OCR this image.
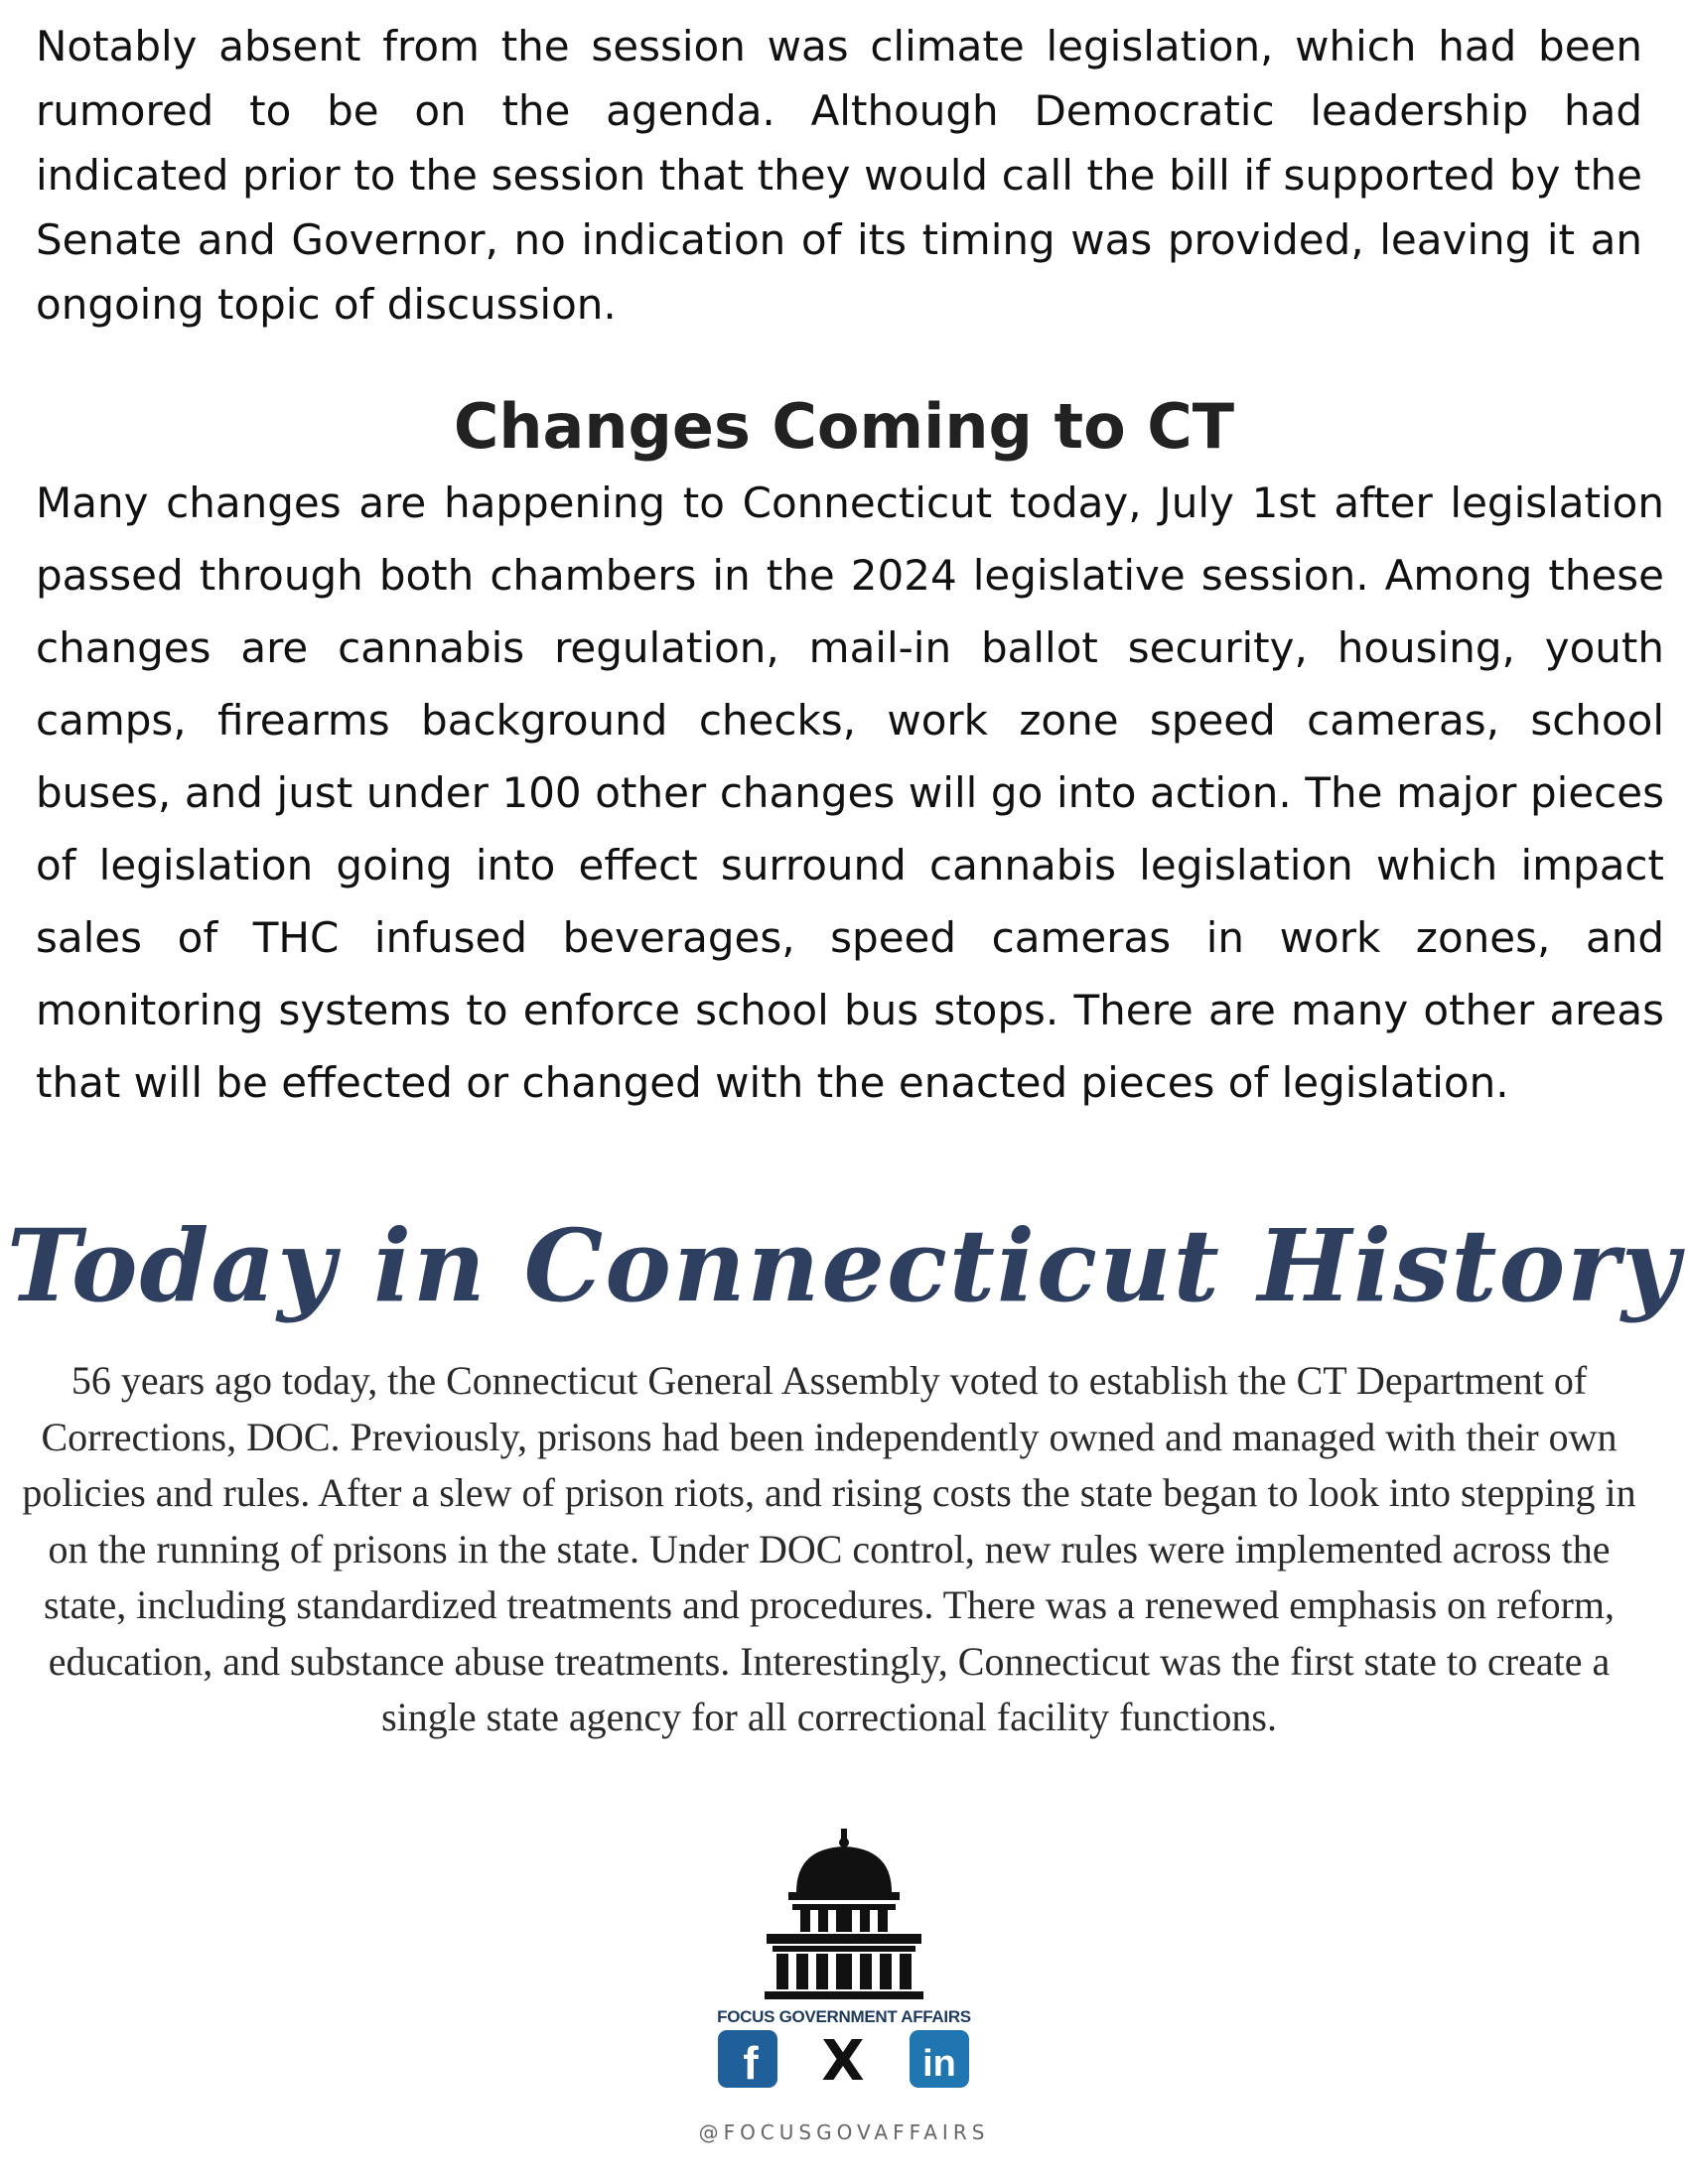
Notably absent from the session was climate legislation, which had been rumored to be on the agenda. Although Democratic leadership had indicated prior to the session that they would call the bill if supported by the Senate and Governor, no indication of its timing was provided, leaving it an ongoing topic of discussion.

Changes Coming to CT

Many changes are happening to Connecticut today, July 1st after legislation passed through both chambers in the 2024 legislative session. Among these changes are cannabis regulation, mail-in ballot security, housing, youth camps, firearms background checks, work zone speed cameras, school buses, and just under 100 other changes will go into action. The major pieces of legislation going into effect surround cannabis legislation which impact sales of THC infused beverages, speed cameras in work zones, and monitoring systems to enforce school bus stops. There are many other areas that will be effected or changed with the enacted pieces of legislation.

Today in Connecticut History

56 years ago today, the Connecticut General Assembly voted to establish the CT Department of Corrections, DOC. Previously, prisons had been independently owned and managed with their own policies and rules. After a slew of prison riots, and rising costs the state began to look into stepping in on the running of prisons in the state. Under DOC control, new rules were implemented across the state, including standardized treatments and procedures. There was a renewed emphasis on reform, education, and substance abuse treatments. Interestingly, Connecticut was the first state to create a single state agency for all correctional facility functions.

FOCUS GOVERNMENT AFFAIRS
f X in
@FOCUSGOVAFFAIRS
